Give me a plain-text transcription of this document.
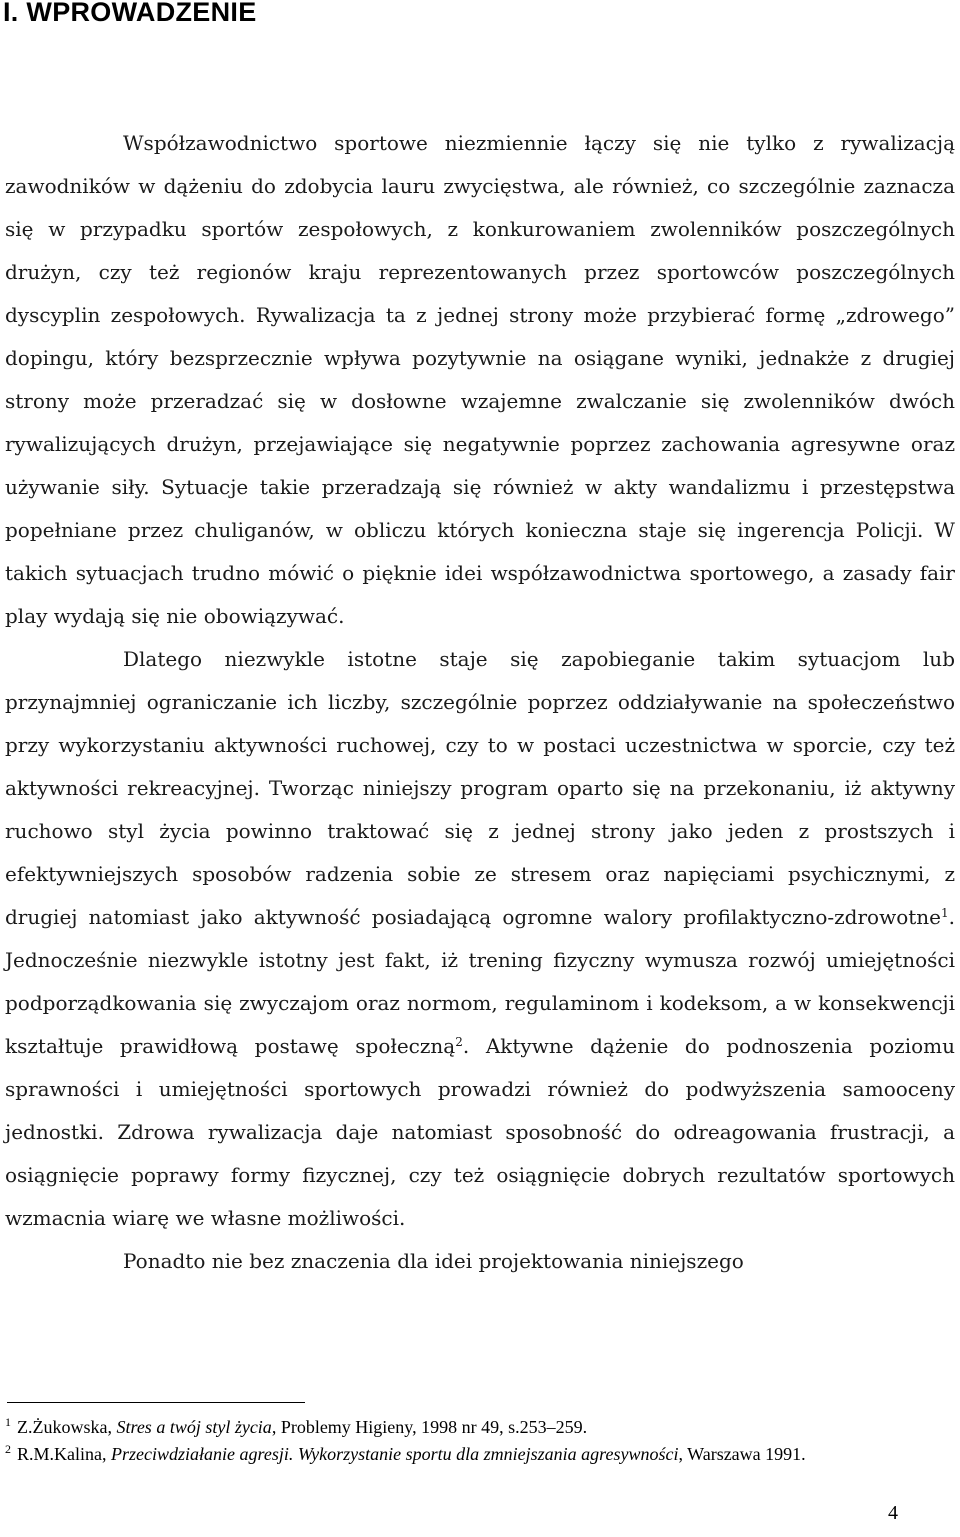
I. WPROWADZENIE

Współzawodnictwo sportowe niezmiennie łączy się nie tylko z rywalizacją zawodników w dążeniu do zdobycia lauru zwycięstwa, ale również, co szczególnie zaznacza się w przypadku sportów zespołowych, z konkurowaniem zwolenników poszczególnych drużyn, czy też regionów kraju reprezentowanych przez sportowców poszczególnych dyscyplin zespołowych. Rywalizacja ta z jednej strony może przybierać formę „zdrowego” dopingu, który bezsprzecznie wpływa pozytywnie na osiągane wyniki, jednakże z drugiej strony może przeradzać się w dosłowne wzajemne zwalczanie się zwolenników dwóch rywalizujących drużyn, przejawiające się negatywnie poprzez zachowania agresywne oraz używanie siły. Sytuacje takie przeradzają się również w akty wandalizmu i przestępstwa popełniane przez chuliganów, w obliczu których konieczna staje się ingerencja Policji. W takich sytuacjach trudno mówić o pięknie idei współzawodnictwa sportowego, a zasady fair play wydają się nie obowiązywać.

Dlatego niezwykle istotne staje się zapobieganie takim sytuacjom lub przynajmniej ograniczanie ich liczby, szczególnie poprzez oddziaływanie na społeczeństwo przy wykorzystaniu aktywności ruchowej, czy to w postaci uczestnictwa w sporcie, czy też aktywności rekreacyjnej. Tworząc niniejszy program oparto się na przekonaniu, iż aktywny ruchowo styl życia powinno traktować się z jednej strony jako jeden z prostszych i efektywniejszych sposobów radzenia sobie ze stresem oraz napięciami psychicznymi, z drugiej natomiast jako aktywność posiadającą ogromne walory profilaktyczno-zdrowotne$^1$. Jednocześnie niezwykle istotny jest fakt, iż trening fizyczny wymusza rozwój umiejętności podporządkowania się zwyczajom oraz normom, regulaminom i kodeksom, a w konsekwencji kształtuje prawidłową postawę społeczną$^2$. Aktywne dążenie do podnoszenia poziomu sprawności i umiejętności sportowych prowadzi również do podwyższenia samooceny jednostki. Zdrowa rywalizacja daje natomiast sposobność do odreagowania frustracji, a osiągnięcie poprawy formy fizycznej, czy też osiągnięcie dobrych rezultatów sportowych wzmacnia wiarę we własne możliwości.

Ponadto nie bez znaczenia dla idei projektowania niniejszego

$^1$ Z.Żukowska, Stres a twój styl życia, Problemy Higieny, 1998 nr 49, s.253–259.
$^2$ R.M.Kalina, Przeciwdziałanie agresji. Wykorzystanie sportu dla zmniejszania agresywności, Warszawa 1991.
4
